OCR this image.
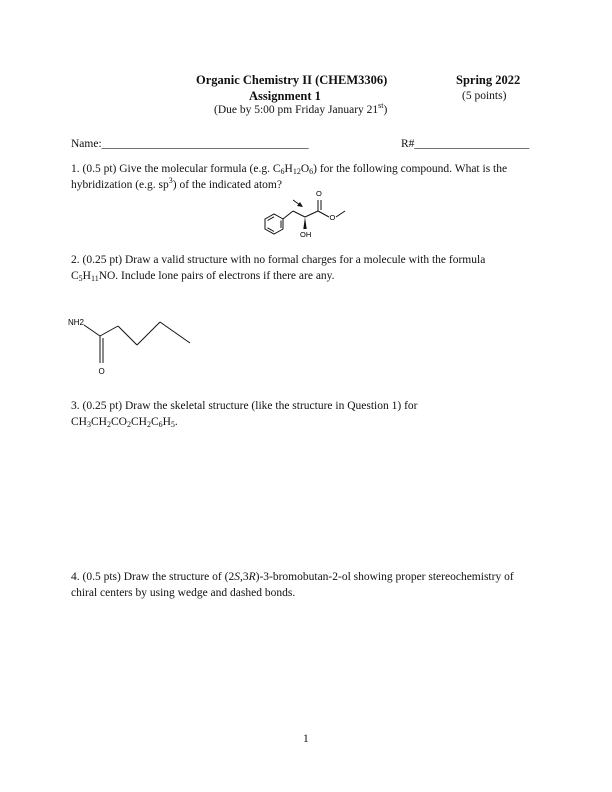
Organic Chemistry II (CHEM3306)
Assignment 1
(Due by 5:00 pm Friday January 21st)
Spring 2022
(5 points)
Name:____________________________________	R#____________________
1. (0.5 pt) Give the molecular formula (e.g. $C_6H_{12}O_6$) for the following compound. What is the
hybridization (e.g. $sp^3$) of the indicated atom?
O
O
OH
2. (0.25 pt) Draw a valid structure with no formal charges for a molecule with the formula
$C_5H_{11}NO$. Include lone pairs of electrons if there are any.
NH2
O
3. (0.25 pt) Draw the skeletal structure (like the structure in Question 1) for
$CH_3CH_2CO_2CH_2C_6H_5$.
4. (0.5 pts) Draw the structure of (2S,3R)-3-bromobutan-2-ol showing proper stereochemistry of
chiral centers by using wedge and dashed bonds.
1
